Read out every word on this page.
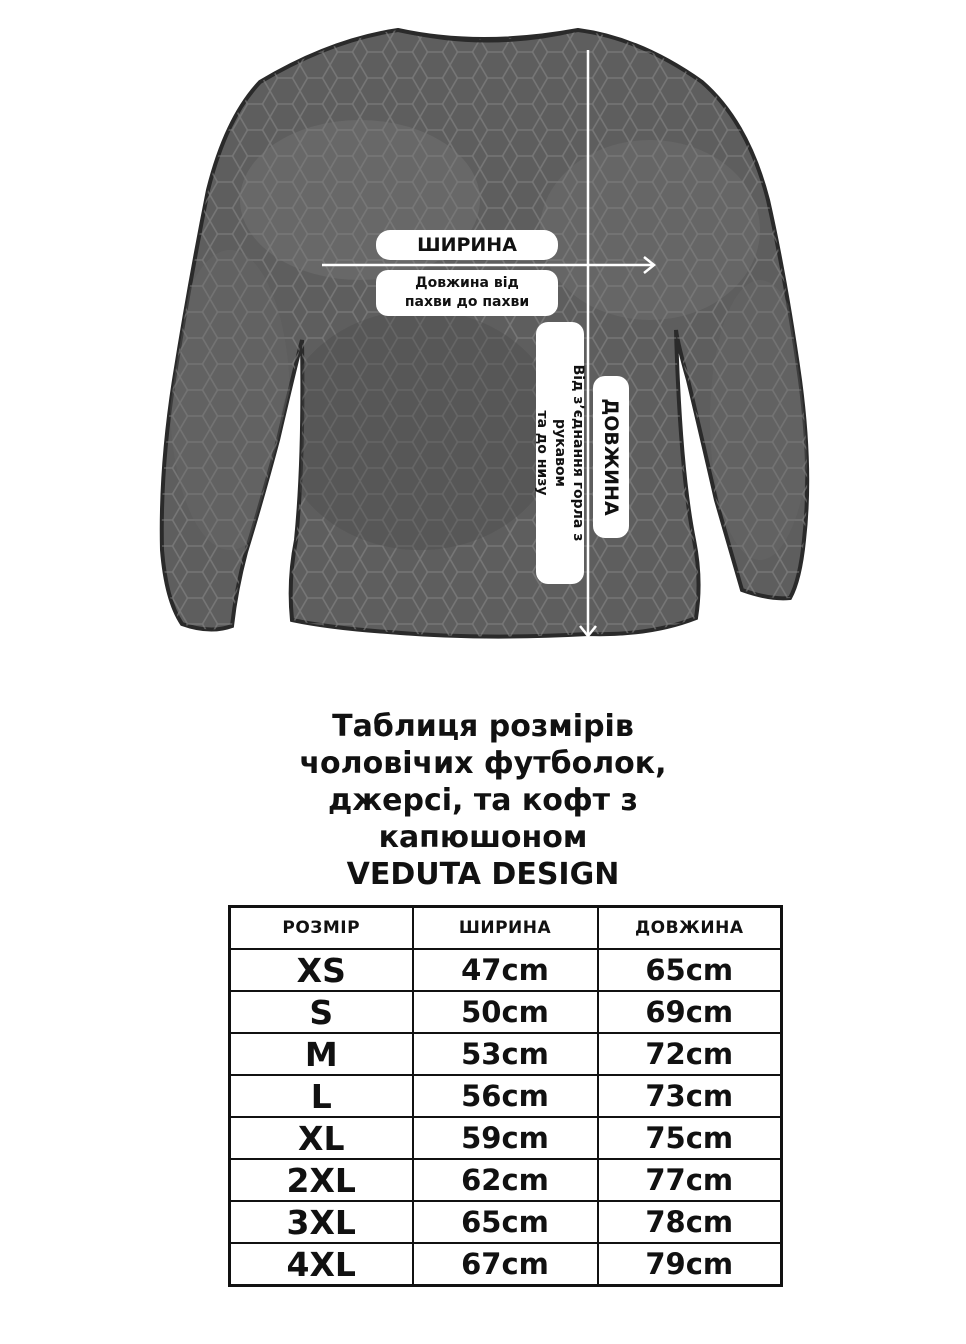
ШИРИНА
Довжина від
пахви до пахви
ДОВЖИНА
Від з’єднання горла з рукавом
та до низу
Таблиця розмірів
чоловічих футболок,
джерсі, та кофт з
капюшоном
VEDUTA DESIGN
РОЗМІР	ШИРИНА	ДОВЖИНА
XS	47cm	65cm
S	50cm	69cm
M	53cm	72cm
L	56cm	73cm
XL	59cm	75cm
2XL	62cm	77cm
3XL	65cm	78cm
4XL	67cm	79cm
